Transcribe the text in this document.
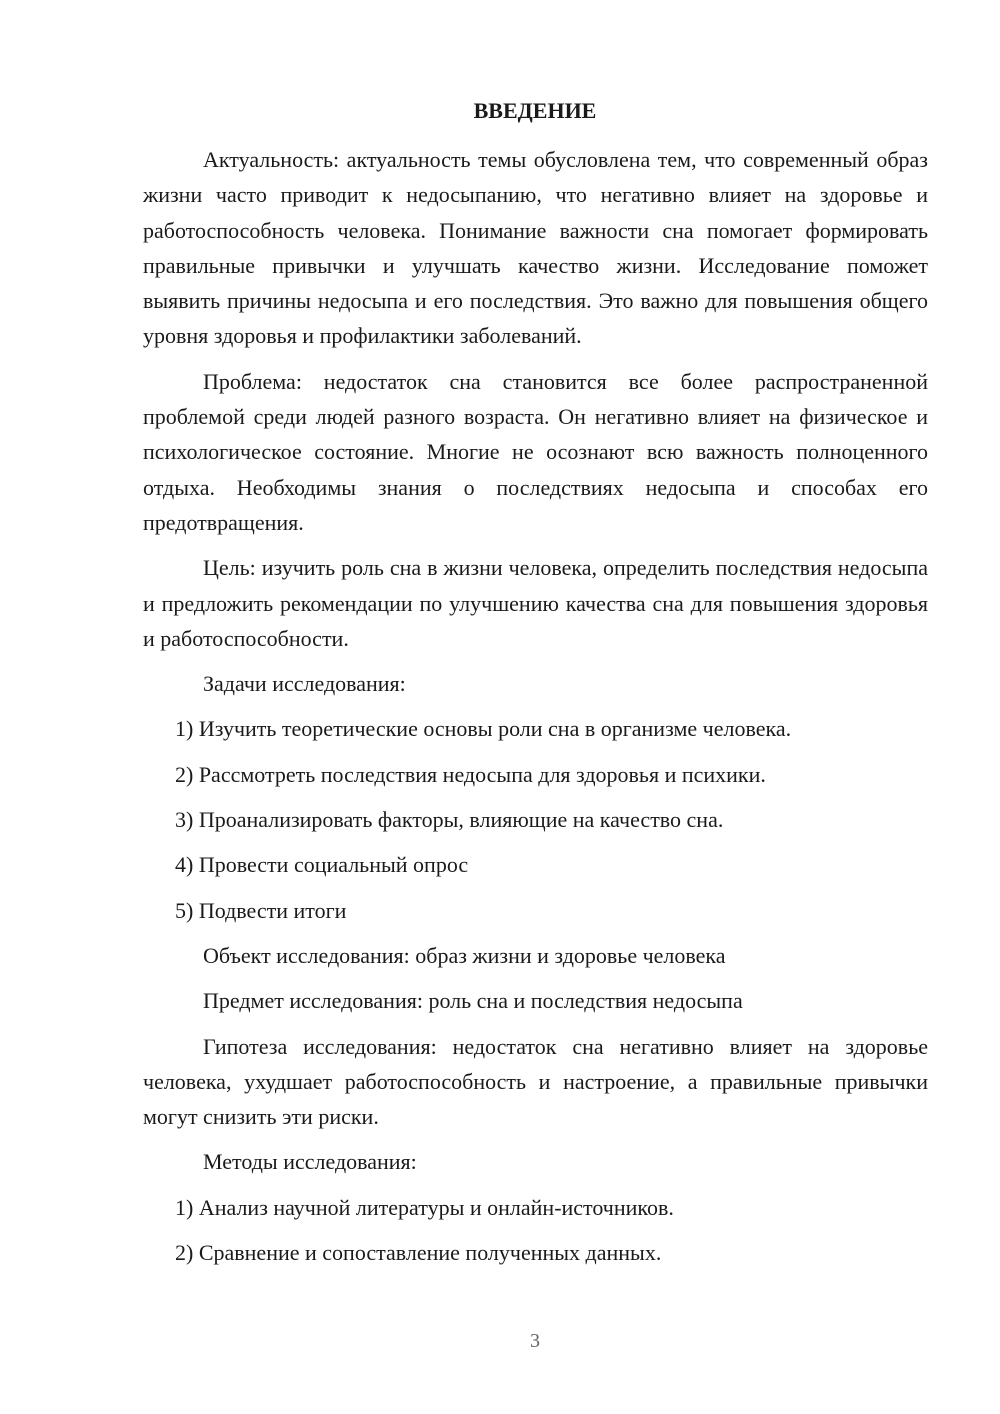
ВВЕДЕНИЕ

Актуальность: актуальность темы обусловлена тем, что современный образ жизни часто приводит к недосыпанию, что негативно влияет на здоровье и работоспособность человека. Понимание важности сна помогает формировать правильные привычки и улучшать качество жизни. Исследование поможет выявить причины недосыпа и его последствия. Это важно для повышения общего уровня здоровья и профилактики заболеваний.

Проблема: недостаток сна становится все более распространенной проблемой среди людей разного возраста. Он негативно влияет на физическое и психологическое состояние. Многие не осознают всю важность полноценного отдыха. Необходимы знания о последствиях недосыпа и способах его предотвращения.

Цель: изучить роль сна в жизни человека, определить последствия недосыпа и предложить рекомендации по улучшению качества сна для повышения здоровья и работоспособности.

Задачи исследования:

1) Изучить теоретические основы роли сна в организме человека.

2) Рассмотреть последствия недосыпа для здоровья и психики.

3) Проанализировать факторы, влияющие на качество сна.

4) Провести социальный опрос

5) Подвести итоги

Объект исследования: образ жизни и здоровье человека

Предмет исследования: роль сна и последствия недосыпа

Гипотеза исследования: недостаток сна негативно влияет на здоровье человека, ухудшает работоспособность и настроение, а правильные привычки могут снизить эти риски.

Методы исследования:

1) Анализ научной литературы и онлайн-источников.

2) Сравнение и сопоставление полученных данных.

3
